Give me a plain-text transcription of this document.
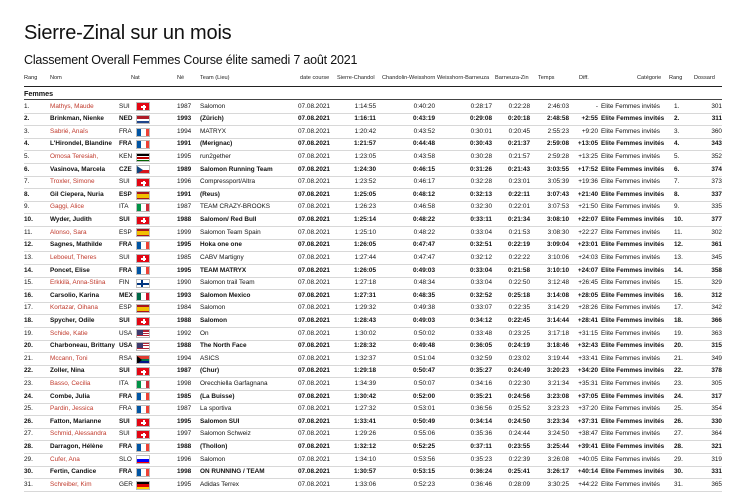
Sierre-Zinal sur un mois
Classement Overall Femmes Course élite samedi 7 août 2021
Rang Nom	Nat	Né	Team (Lieu)	date course Sierre-Chandol Chandolin-Weisshorn Weisshorn-Barneuza Barneuza-Zin Temps	Diff.	Catégorie Rang Dossard
Femmes
1.	Mathys, Maude	SUI	1987 Salomon	07.08.2021	1:14:55	0:40:20	0:28:17	0:22:28	2:46:03	- Elite Femmes invités 1.	301
2.	Brinkman, Nienke NED	1993 (Zürich)	07.08.2021	1:16:11	0:43:19	0:29:08 0:20:18	2:48:58 +2:55 Elite Femmes invités 2.	311
3.	Sabrié, Anaïs	FRA	1994 MATRYX	07.08.2021	1:20:42	0:43:52	0:30:01	0:20:45	2:55:23 +9:20 Elite Femmes invités 3.	360
4.	L'Hirondel, Blandine FRA	1991 (Merignac)	07.08.2021	1:21:57	0:44:48	0:30:43 0:21:37	2:59:08 +13:05 Elite Femmes invités 4.	343
5.	Omosa Teresiah,	KEN	1995 run2gether	07.08.2021	1:23:05	0:43:58	0:30:28	0:21:57	2:59:28 +13:25 Elite Femmes invités 5.	352
6.	Vasinova, Marcela CZE	1989 Salomon Running Team	07.08.2021	1:24:30	0:46:15	0:31:26 0:21:43	3:03:55 +17:52 Elite Femmes invités 6.	374
7.	Troxler, Simone	SUI	1996 Compressport/Altra	07.08.2021	1:23:52	0:46:17	0:32:28	0:23:01	3:05:39 +19:36 Elite Femmes invités 7.	373
8.	Gil Ciepera, Nuria ESP	1991 (Reus)	07.08.2021	1:25:05	0:48:12	0:32:13	0:22:11	3:07:43 +21:40 Elite Femmes invités 8.	337
9.	Gaggi, Alice	ITA	1987 TEAM CRAZY-BROOKS	07.08.2021	1:26:23	0:46:58	0:32:30	0:22:01	3:07:53 +21:50 Elite Femmes invités 9.	335
10.	Wyder, Judith	SUI	1988 Salomon/ Red Bull	07.08.2021	1:25:14	0:48:22	0:33:11 0:21:34	3:08:10 +22:07 Elite Femmes invités 10.	377
11.	Alonso, Sara	ESP	1999 Salomon Team Spain	07.08.2021	1:25:10	0:48:22	0:33:04	0:21:53	3:08:30 +22:27 Elite Femmes invités 11.	302
12.	Sagnes, Mathilde	FRA	1995 Hoka one one	07.08.2021	1:26:05	0:47:47	0:32:51 0:22:19	3:09:04 +23:01 Elite Femmes invités 12.	361
13.	Leboeuf, Theres	SUI	1985 CABV Martigny	07.08.2021	1:27:44	0:47:47	0:32:12	0:22:22	3:10:06 +24:03 Elite Femmes invités 13.	345
14.	Poncet, Elise	FRA	1995 TEAM MATRYX	07.08.2021	1:26:05	0:49:03	0:33:04 0:21:58	3:10:10 +24:07 Elite Femmes invités 14.	358
15.	Erkkilä, Anna-Stiina FIN	1990 Salomon trail Team	07.08.2021	1:27:18	0:48:34	0:33:04	0:22:50	3:12:48 +26:45 Elite Femmes invités 15.	329
16.	Carsolio, Karina	MEX	1993 Salomon Mexico	07.08.2021	1:27:31	0:48:35	0:32:52 0:25:18	3:14:08 +28:05 Elite Femmes invités 16.	312
17.	Kortazar, Oihana	ESP	1984 Salomon	07.08.2021	1:29:32	0:49:38	0:33:07	0:22:35	3:14:29 +28:26 Elite Femmes invités 17.	342
18.	Spycher, Odile	SUI	1988 Salomon	07.08.2021	1:28:43	0:49:03	0:34:12 0:22:45	3:14:44 +28:41 Elite Femmes invités 18.	366
19.	Schide, Katie	USA	1992 On	07.08.2021	1:30:02	0:50:02	0:33:48	0:23:25	3:17:18 +31:15 Elite Femmes invités 19.	363
20.	Charboneau, Brittany USA	1988 The North Face	07.08.2021	1:28:32	0:49:48	0:36:05 0:24:19	3:18:46 +32:43 Elite Femmes invités 20.	315
21.	Mccann, Toni	RSA	1994 ASICS	07.08.2021	1:32:37	0:51:04	0:32:59	0:23:02	3:19:44 +33:41 Elite Femmes invités 21.	349
22.	Zoller, Nina	SUI	1987 (Chur)	07.08.2021	1:29:18	0:50:47	0:35:27 0:24:49	3:20:23 +34:20 Elite Femmes invités 22.	378
23.	Basso, Cecilia	ITA	1998 Orecchiella Garfagnana	07.08.2021	1:34:39	0:50:07	0:34:16	0:22:30	3:21:34 +35:31 Elite Femmes invités 23.	305
24.	Combe, Julia	FRA	1985 (La Buisse)	07.08.2021	1:30:42	0:52:00	0:35:21 0:24:56	3:23:08 +37:05 Elite Femmes invités 24.	317
25.	Pardin, Jessica	FRA	1987 La sportiva	07.08.2021	1:27:32	0:53:01	0:36:56	0:25:52	3:23:23 +37:20 Elite Femmes invités 25.	354
26.	Fatton, Marianne	SUI	1995 Salomon SUI	07.08.2021	1:33:41	0:50:49	0:34:14 0:24:50	3:23:34 +37:31 Elite Femmes invités 26.	330
27.	Schmid, Alessandra SUI	1997 Salomon Schweiz	07.08.2021	1:29:26	0:55:06	0:35:36	0:24:44	3:24:50 +38:47 Elite Femmes invités 27.	364
28.	Darragon, Hélène	FRA	1988 (Thollon)	07.08.2021	1:32:12	0:52:25	0:37:11 0:23:55	3:25:44 +39:41 Elite Femmes invités 28.	321
29.	Cufer, Ana	SLO	1996 Salomon	07.08.2021	1:34:10	0:53:56	0:35:23	0:22:39	3:26:08 +40:05 Elite Femmes invités 29.	319
30.	Fertin, Candice	FRA	1998 ON RUNNING / TEAM	07.08.2021	1:30:57	0:53:15	0:36:24 0:25:41	3:26:17 +40:14 Elite Femmes invités 30.	331
31.	Schreiber, Kim	GER	1995 Adidas Terrex	07.08.2021	1:33:06	0:52:23	0:36:46	0:28:09	3:30:25 +44:22 Elite Femmes invités 31.	365
